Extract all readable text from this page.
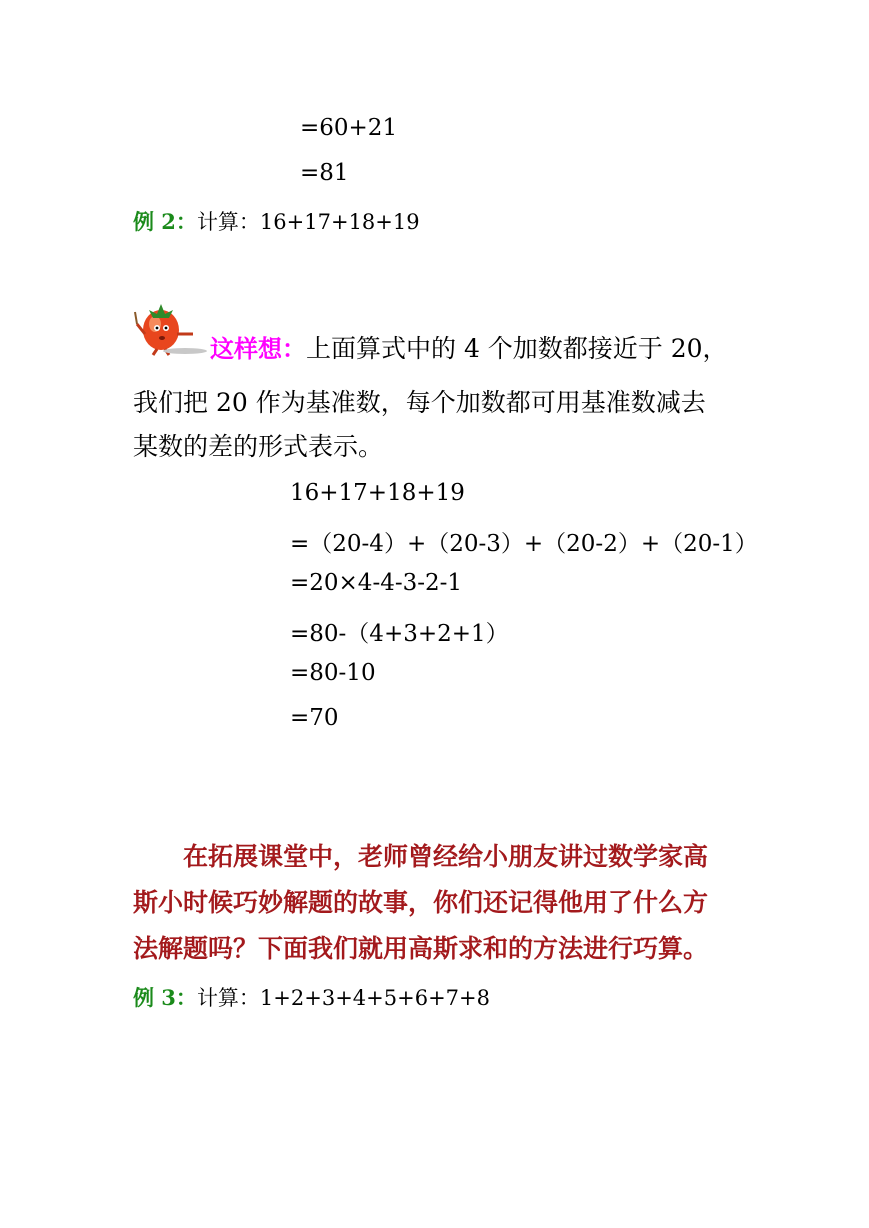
=60+21
=81
例 2：计算：16+17+18+19
这样想：上面算式中的 4 个加数都接近于 20，
我们把 20 作为基准数，每个加数都可用基准数减去
某数的差的形式表示。
16+17+18+19
=（20-4）+（20-3）+（20-2）+（20-1）
=20×4-4-3-2-1
=80-（4+3+2+1）
=80-10
=70
在拓展课堂中，老师曾经给小朋友讲过数学家高
斯小时候巧妙解题的故事，你们还记得他用了什么方
法解题吗？下面我们就用高斯求和的方法进行巧算。
例 3：计算：1+2+3+4+5+6+7+8
